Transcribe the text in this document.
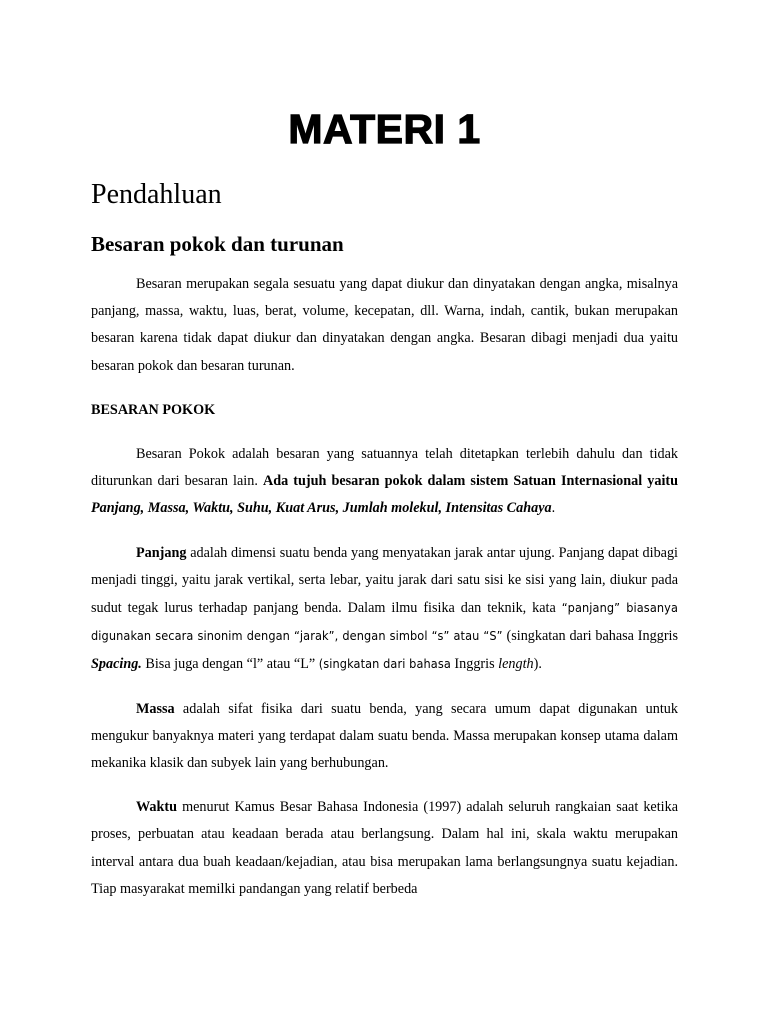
MATERI 1
Pendahluan
Besaran pokok dan turunan

Besaran merupakan segala sesuatu yang dapat diukur dan dinyatakan dengan angka, misalnya panjang, massa, waktu, luas, berat, volume, kecepatan, dll. Warna, indah, cantik, bukan merupakan besaran karena tidak dapat diukur dan dinyatakan dengan angka. Besaran dibagi menjadi dua yaitu besaran pokok dan besaran turunan.

BESARAN POKOK

Besaran Pokok adalah besaran yang satuannya telah ditetapkan terlebih dahulu dan tidak diturunkan dari besaran lain. Ada tujuh besaran pokok dalam sistem Satuan Internasional yaitu Panjang, Massa, Waktu, Suhu, Kuat Arus, Jumlah molekul, Intensitas Cahaya.

Panjang adalah dimensi suatu benda yang menyatakan jarak antar ujung. Panjang dapat dibagi menjadi tinggi, yaitu jarak vertikal, serta lebar, yaitu jarak dari satu sisi ke sisi yang lain, diukur pada sudut tegak lurus terhadap panjang benda. Dalam ilmu fisika dan teknik, kata “panjang” biasanya digunakan secara sinonim dengan “jarak”, dengan simbol “s” atau “S” (singkatan dari bahasa Inggris Spacing. Bisa juga dengan “l” atau “L” (singkatan dari bahasa Inggris length).

Massa adalah sifat fisika dari suatu benda, yang secara umum dapat digunakan untuk mengukur banyaknya materi yang terdapat dalam suatu benda. Massa merupakan konsep utama dalam mekanika klasik dan subyek lain yang berhubungan.

Waktu menurut Kamus Besar Bahasa Indonesia (1997) adalah seluruh rangkaian saat ketika proses, perbuatan atau keadaan berada atau berlangsung. Dalam hal ini, skala waktu merupakan interval antara dua buah keadaan/kejadian, atau bisa merupakan lama berlangsungnya suatu kejadian. Tiap masyarakat memilki pandangan yang relatif berbeda
